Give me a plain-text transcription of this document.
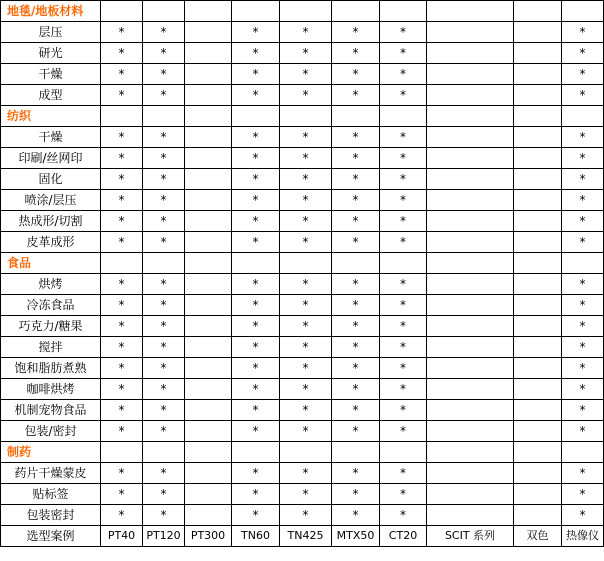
地毯/地板材料										
层压	*	*		*	*	*	*			*
研光	*	*		*	*	*	*			*
干燥	*	*		*	*	*	*			*
成型	*	*		*	*	*	*			*
纺织										
干燥	*	*		*	*	*	*			*
印刷/丝网印	*	*		*	*	*	*			*
固化	*	*		*	*	*	*			*
喷涂/层压	*	*		*	*	*	*			*
热成形/切割	*	*		*	*	*	*			*
皮革成形	*	*		*	*	*	*			*
食品										
烘烤	*	*		*	*	*	*			*
冷冻食品	*	*		*	*	*	*			*
巧克力/糖果	*	*		*	*	*	*			*
搅拌	*	*		*	*	*	*			*
饱和脂肪煮熟	*	*		*	*	*	*			*
咖啡烘烤	*	*		*	*	*	*			*
机制宠物食品	*	*		*	*	*	*			*
包装/密封	*	*		*	*	*	*			*
制药										
药片干燥蒙皮	*	*		*	*	*	*			*
贴标签	*	*		*	*	*	*			*
包装密封	*	*		*	*	*	*			*
选型案例	PT40	PT120	PT300	TN60	TN425	MTX50	CT20	SCIT 系列	双色	热像仪
